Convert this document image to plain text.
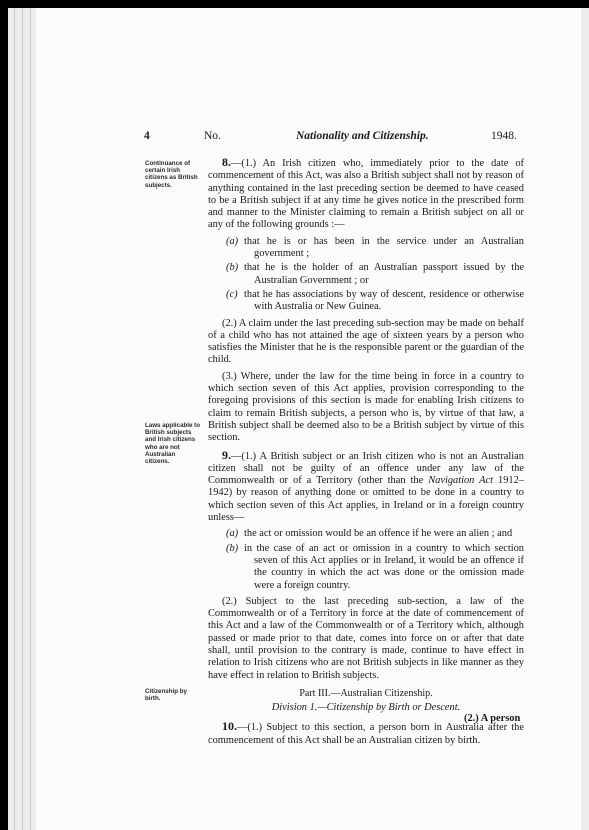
4	No.	Nationality and Citizenship.	1948.
Continuance of certain Irish citizens as British subjects.
Laws applicable to British subjects and Irish citizens who are not Australian citizens.
Citizenship by birth.

8.—(1.) An Irish citizen who, immediately prior to the date of commencement of this Act, was also a British subject shall not by reason of anything contained in the last preceding section be deemed to have ceased to be a British subject if at any time he gives notice in the prescribed form and manner to the Minister claiming to remain a British subject on all or any of the following grounds :—

(a) that he is or has been in the service under an Australian government ;
(b) that he is the holder of an Australian passport issued by the Australian Government ; or
(c) that he has associations by way of descent, residence or otherwise with Australia or New Guinea.

(2.) A claim under the last preceding sub-section may be made on behalf of a child who has not attained the age of sixteen years by a person who satisfies the Minister that he is the responsible parent or the guardian of the child.

(3.) Where, under the law for the time being in force in a country to which section seven of this Act applies, provision corresponding to the foregoing provisions of this section is made for enabling Irish citizens to claim to remain British subjects, a person who is, by virtue of that law, a British subject shall be deemed also to be a British subject by virtue of this section.

9.—(1.) A British subject or an Irish citizen who is not an Australian citizen shall not be guilty of an offence under any law of the Commonwealth or of a Territory (other than the Navigation Act 1912–1942) by reason of anything done or omitted to be done in a country to which section seven of this Act applies, in Ireland or in a foreign country unless—

(a) the act or omission would be an offence if he were an alien ; and
(b) in the case of an act or omission in a country to which section seven of this Act applies or in Ireland, it would be an offence if the country in which the act was done or the omission made were a foreign country.

(2.) Subject to the last preceding sub-section, a law of the Commonwealth or of a Territory in force at the date of commencement of this Act and a law of the Commonwealth or of a Territory which, although passed or made prior to that date, comes into force on or after that date shall, until provision to the contrary is made, continue to have effect in relation to Irish citizens who are not British subjects in like manner as they have effect in relation to British subjects.

Part III.—Australian Citizenship.
Division 1.—Citizenship by Birth or Descent.

10.—(1.) Subject to this section, a person born in Australia after the commencement of this Act shall be an Australian citizen by birth.

(2.) A person
